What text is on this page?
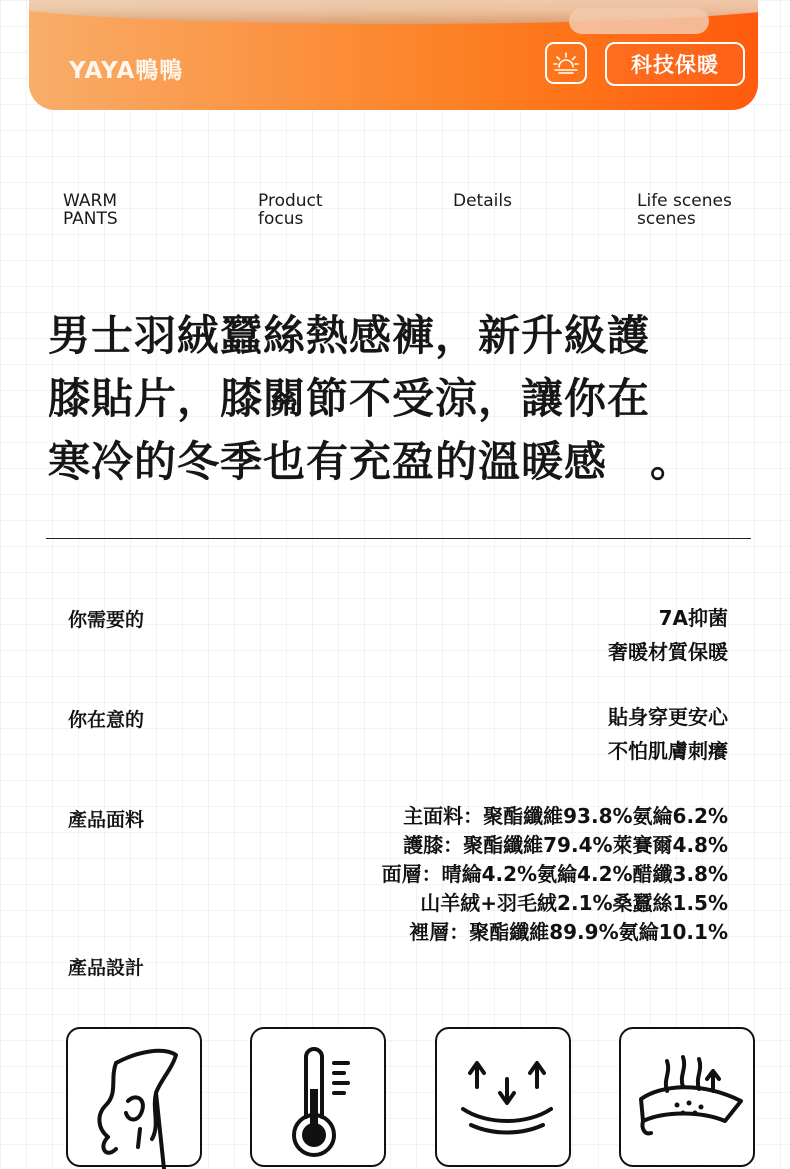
YAYA鴨鴨	科技保暖
WARM
PANTS
Product
focus
Details	Life scenes
scenes
男士羽絨蠶絲熱感褲，新升級護
膝貼片，膝關節不受涼，讓你在
寒冷的冬季也有充盈的溫暖感　。
你需要的	7A抑菌
奢暖材質保暖
你在意的	貼身穿更安心
不怕肌膚刺癢
產品面料	主面料：聚酯纖維93.8%氨綸6.2%
護膝：聚酯纖維79.4%萊賽爾4.8%
面層：晴綸4.2%氨綸4.2%醋纖3.8%
山羊絨+羽毛絨2.1%桑蠶絲1.5%
裡層：聚酯纖維89.9%氨綸10.1%
產品設計
